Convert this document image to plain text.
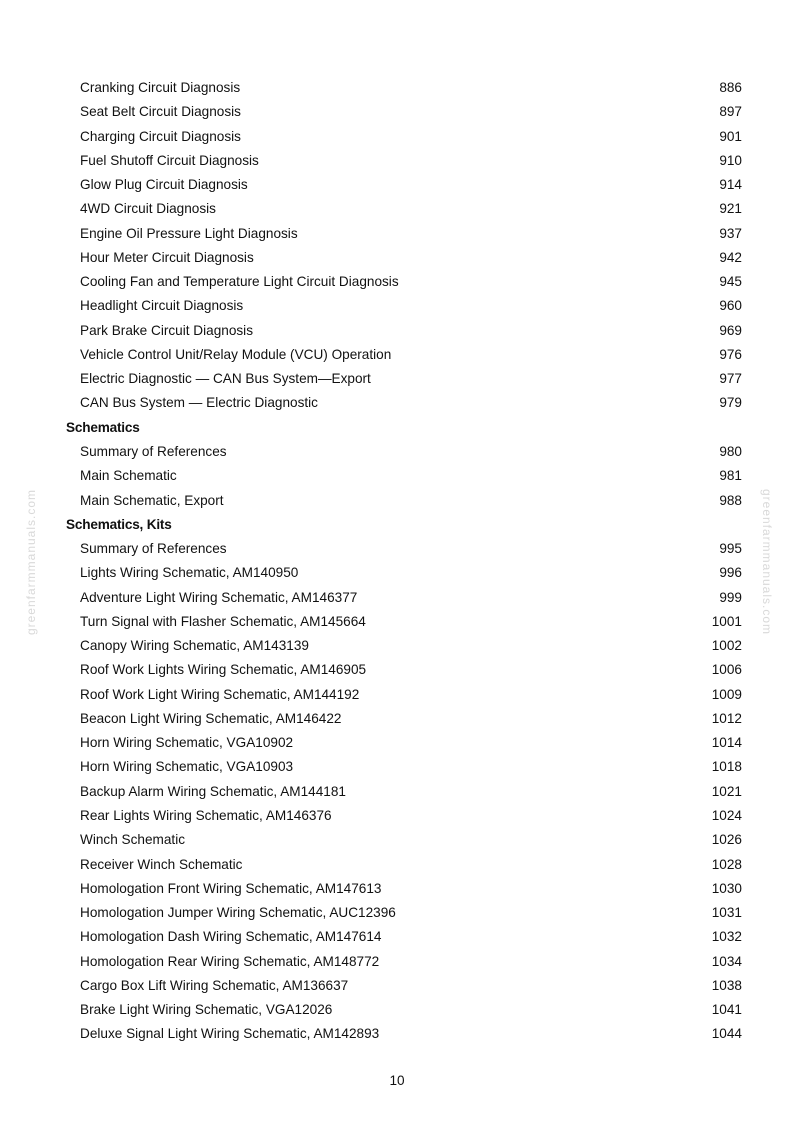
greenfarmmanuals.com	greenfarmmanuals.com
Cranking Circuit Diagnosis	886
Seat Belt Circuit Diagnosis	897
Charging Circuit Diagnosis	901
Fuel Shutoff Circuit Diagnosis	910
Glow Plug Circuit Diagnosis	914
4WD Circuit Diagnosis	921
Engine Oil Pressure Light Diagnosis	937
Hour Meter Circuit Diagnosis	942
Cooling Fan and Temperature Light Circuit Diagnosis	945
Headlight Circuit Diagnosis	960
Park Brake Circuit Diagnosis	969
Vehicle Control Unit/Relay Module (VCU) Operation	976
Electric Diagnostic — CAN Bus System—Export	977
CAN Bus System — Electric Diagnostic	979
Schematics
Summary of References	980
Main Schematic	981
Main Schematic, Export	988
Schematics, Kits
Summary of References	995
Lights Wiring Schematic, AM140950	996
Adventure Light Wiring Schematic, AM146377	999
Turn Signal with Flasher Schematic, AM145664	1001
Canopy Wiring Schematic, AM143139	1002
Roof Work Lights Wiring Schematic, AM146905	1006
Roof Work Light Wiring Schematic, AM144192	1009
Beacon Light Wiring Schematic, AM146422	1012
Horn Wiring Schematic, VGA10902	1014
Horn Wiring Schematic, VGA10903	1018
Backup Alarm Wiring Schematic, AM144181	1021
Rear Lights Wiring Schematic, AM146376	1024
Winch Schematic	1026
Receiver Winch Schematic	1028
Homologation Front Wiring Schematic, AM147613	1030
Homologation Jumper Wiring Schematic, AUC12396	1031
Homologation Dash Wiring Schematic, AM147614	1032
Homologation Rear Wiring Schematic, AM148772	1034
Cargo Box Lift Wiring Schematic, AM136637	1038
Brake Light Wiring Schematic, VGA12026	1041
Deluxe Signal Light Wiring Schematic, AM142893	1044
10
